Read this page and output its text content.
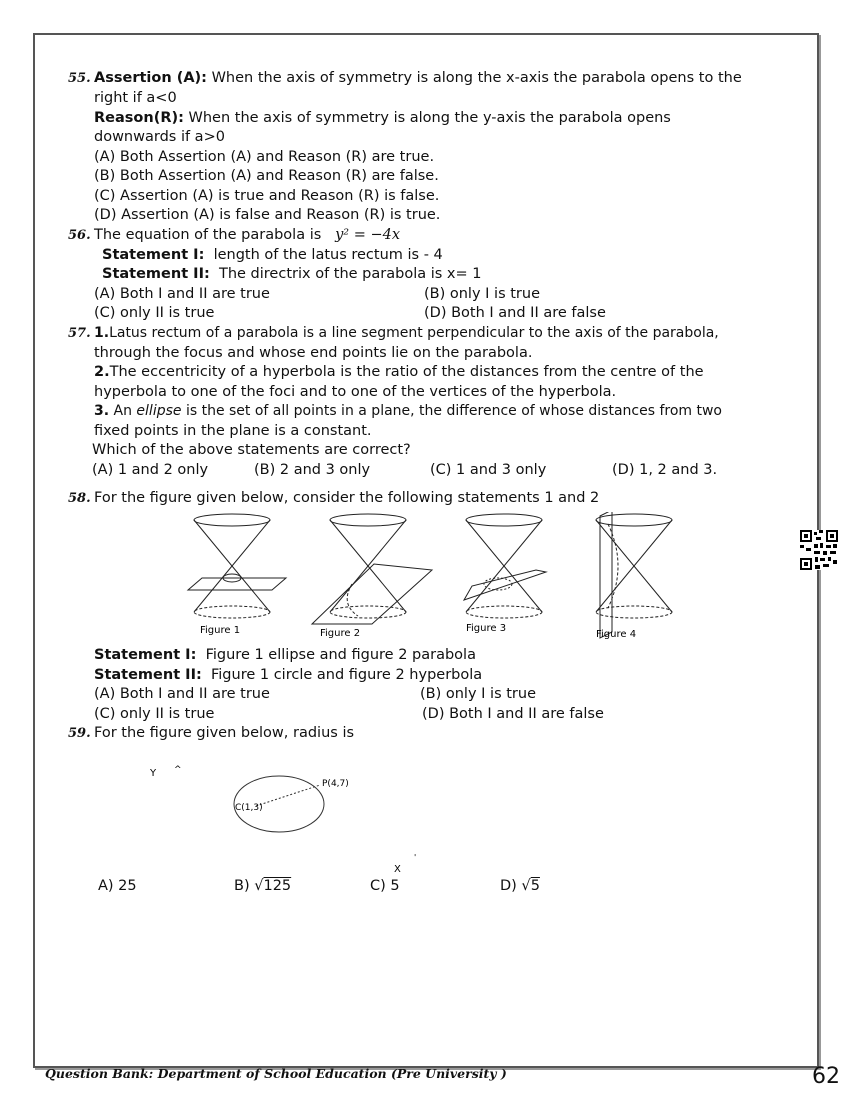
55. Assertion (A): When the axis of symmetry is along the x-axis the parabola opens to the
right if a<0
Reason(R): When the axis of symmetry is along the y-axis the parabola opens
downwards if a>0
(A) Both Assertion (A) and Reason (R) are true.
(B) Both Assertion (A) and Reason (R) are false.
(C) Assertion (A) is true and Reason (R) is false.
(D) Assertion (A) is false and Reason (R) is true.
56. The equation of the parabola is y² = −4x
Statement I: length of the latus rectum is - 4
Statement II: The directrix of the parabola is x= 1
(A) Both I and II are true	(B) only I is true
(C) only II is true	(D) Both I and II are false
57. 1.Latus rectum of a parabola is a line segment perpendicular to the axis of the parabola,
through the focus and whose end points lie on the parabola.
2.The eccentricity of a hyperbola is the ratio of the distances from the centre of the
hyperbola to one of the foci and to one of the vertices of the hyperbola.
3. An ellipse is the set of all points in a plane, the difference of whose distances from two
fixed points in the plane is a constant.
Which of the above statements are correct?
(A) 1 and 2 only	(B) 2 and 3 only	(C) 1 and 3 only	(D) 1, 2 and 3.
58. For the figure given below, consider the following statements 1 and 2
Figure 1	Figure 2	Figure 3
Figure 4
Statement I: Figure 1 ellipse and figure 2 parabola
Statement II: Figure 1 circle and figure 2 hyperbola
(A) Both I and II are true	(B) only I is true
(C) only II is true	(D) Both I and II are false
59. For the figure given below, radius is
Y ^
P(4,7)
C(1,3)
X
'
A) 25	B) √125	C) 5	D) √5
Question Bank: Department of School Education (Pre University )	62
